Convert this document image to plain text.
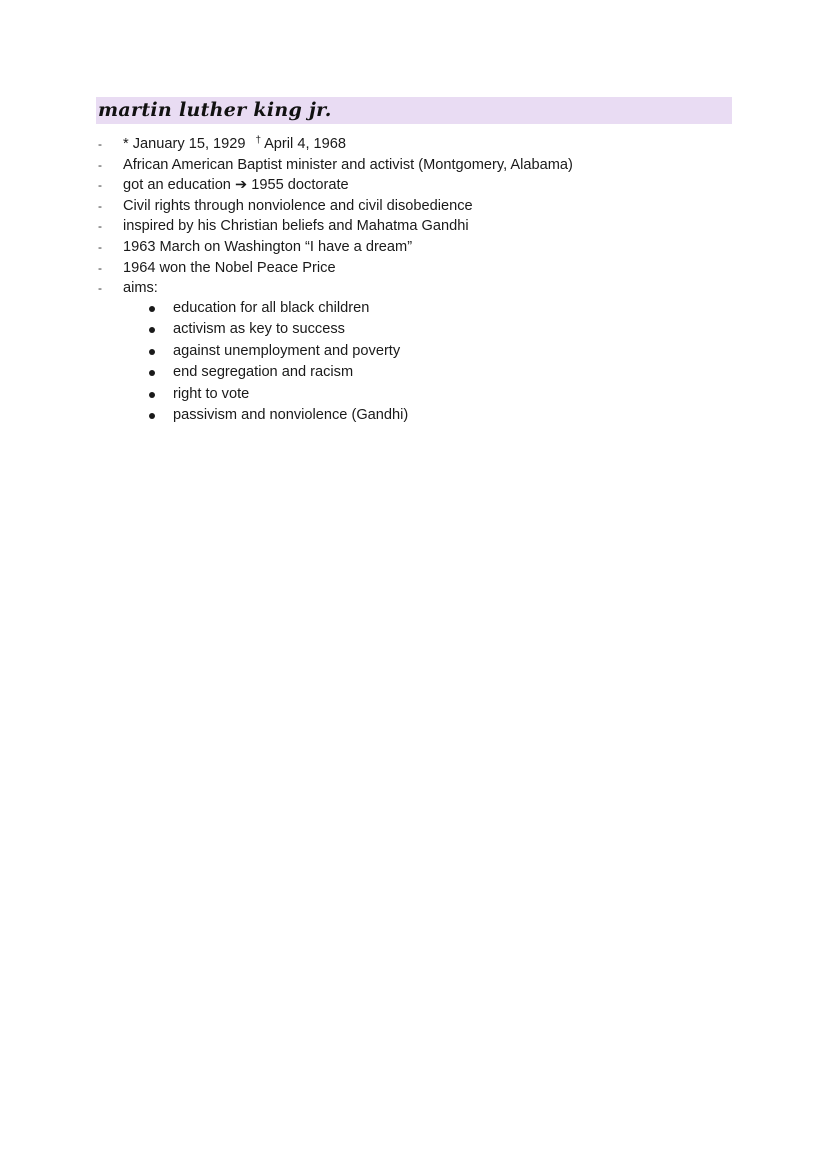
martin luther king jr.
- * January 15, 1929 † April 4, 1968
- African American Baptist minister and activist (Montgomery, Alabama)
- got an education ➔ 1955 doctorate
- Civil rights through nonviolence and civil disobedience
- inspired by his Christian beliefs and Mahatma Gandhi
- 1963 March on Washington “I have a dream”
- 1964 won the Nobel Peace Price
- aims:
education for all black children
activism as key to success
against unemployment and poverty
end segregation and racism
right to vote
passivism and nonviolence (Gandhi)
